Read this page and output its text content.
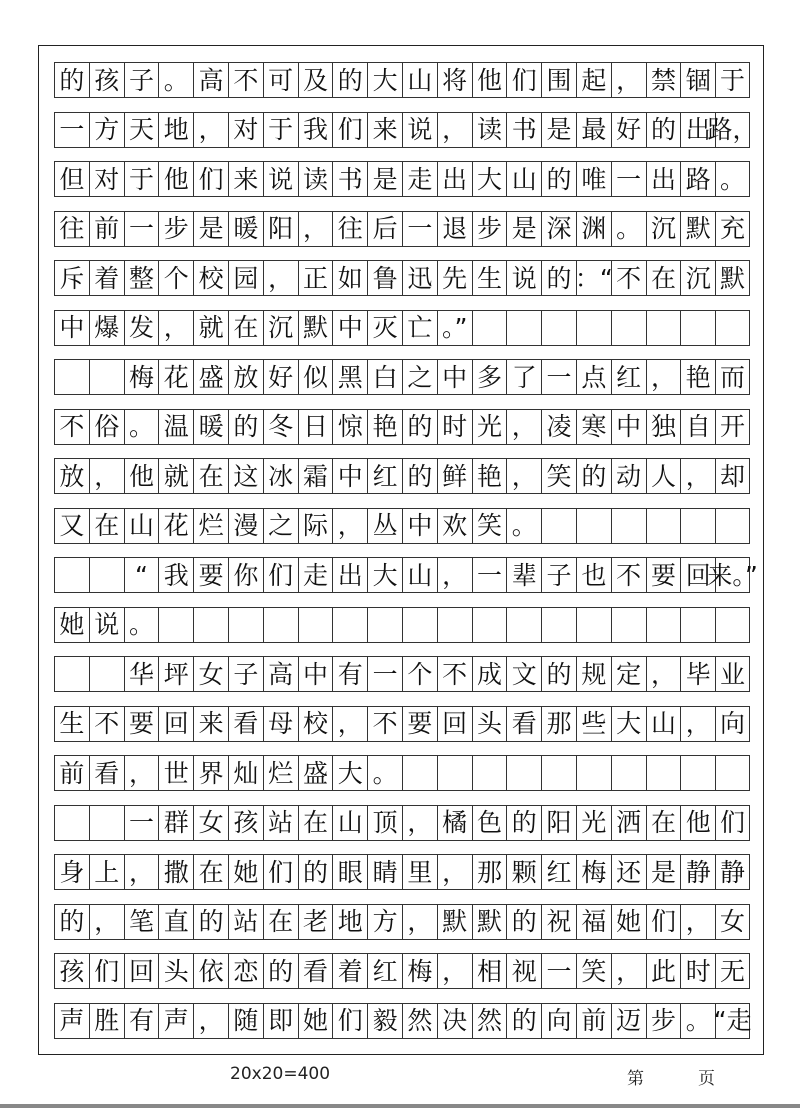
的 孩 子 。 高 不 可 及 的 大 山 将 他 们 围 起 ， 禁 锢 于
一 方 天 地 ， 对 于 我 们 来 说 ， 读 书 是 最 好 的 出
路，
但 对 于 他 们 来 说 读 书 是 走 出 大 山 的 唯 一 出 路 。
往 前 一 步 是 暖 阳 ， 往 后 一 退 步 是 深 渊 。 沉 默 充
斥 着 整 个 校 园 ， 正 如 鲁 迅 先 生 说 的 ：“ 不 在 沉 默
中 爆 发 ， 就 在 沉 默 中 灭 亡 。”
梅 花 盛 放 好 似 黑 白 之 中 多 了 一 点 红 ， 艳 而
不 俗 。 温 暖 的 冬 日 惊 艳 的 时 光 ， 凌 寒 中 独 自 开
放 ， 他 就 在 这 冰 霜 中 红 的 鲜 艳 ， 笑 的 动 人 ， 却
又 在 山 花 烂 漫 之 际 ， 丛 中 欢 笑 。
“ 我 要 你 们 走 出 大 山 ， 一 辈 子 也 不 要 回
来。”
她 说 。
华 坪 女 子 高 中 有 一 个 不 成 文 的 规 定 ， 毕 业
生 不 要 回 来 看 母 校 ， 不 要 回 头 看 那 些 大 山 ， 向
前 看 ， 世 界 灿 烂 盛 大 。
一 群 女 孩 站 在 山 顶 ， 橘 色 的 阳 光 洒 在 他 们
身 上 ， 撒 在 她 们 的 眼 睛 里 ， 那 颗 红 梅 还 是 静 静
的 ， 笔 直 的 站 在 老 地 方 ， 默 默 的 祝 福 她 们 ， 女
孩 们 回 头 依 恋 的 看 着 红 梅 ， 相 视 一 笑 ， 此 时 无
声 胜 有 声 ， 随 即 她 们 毅 然 决 然 的 向 前 迈 步 。 “走
20x20=400	第	页
